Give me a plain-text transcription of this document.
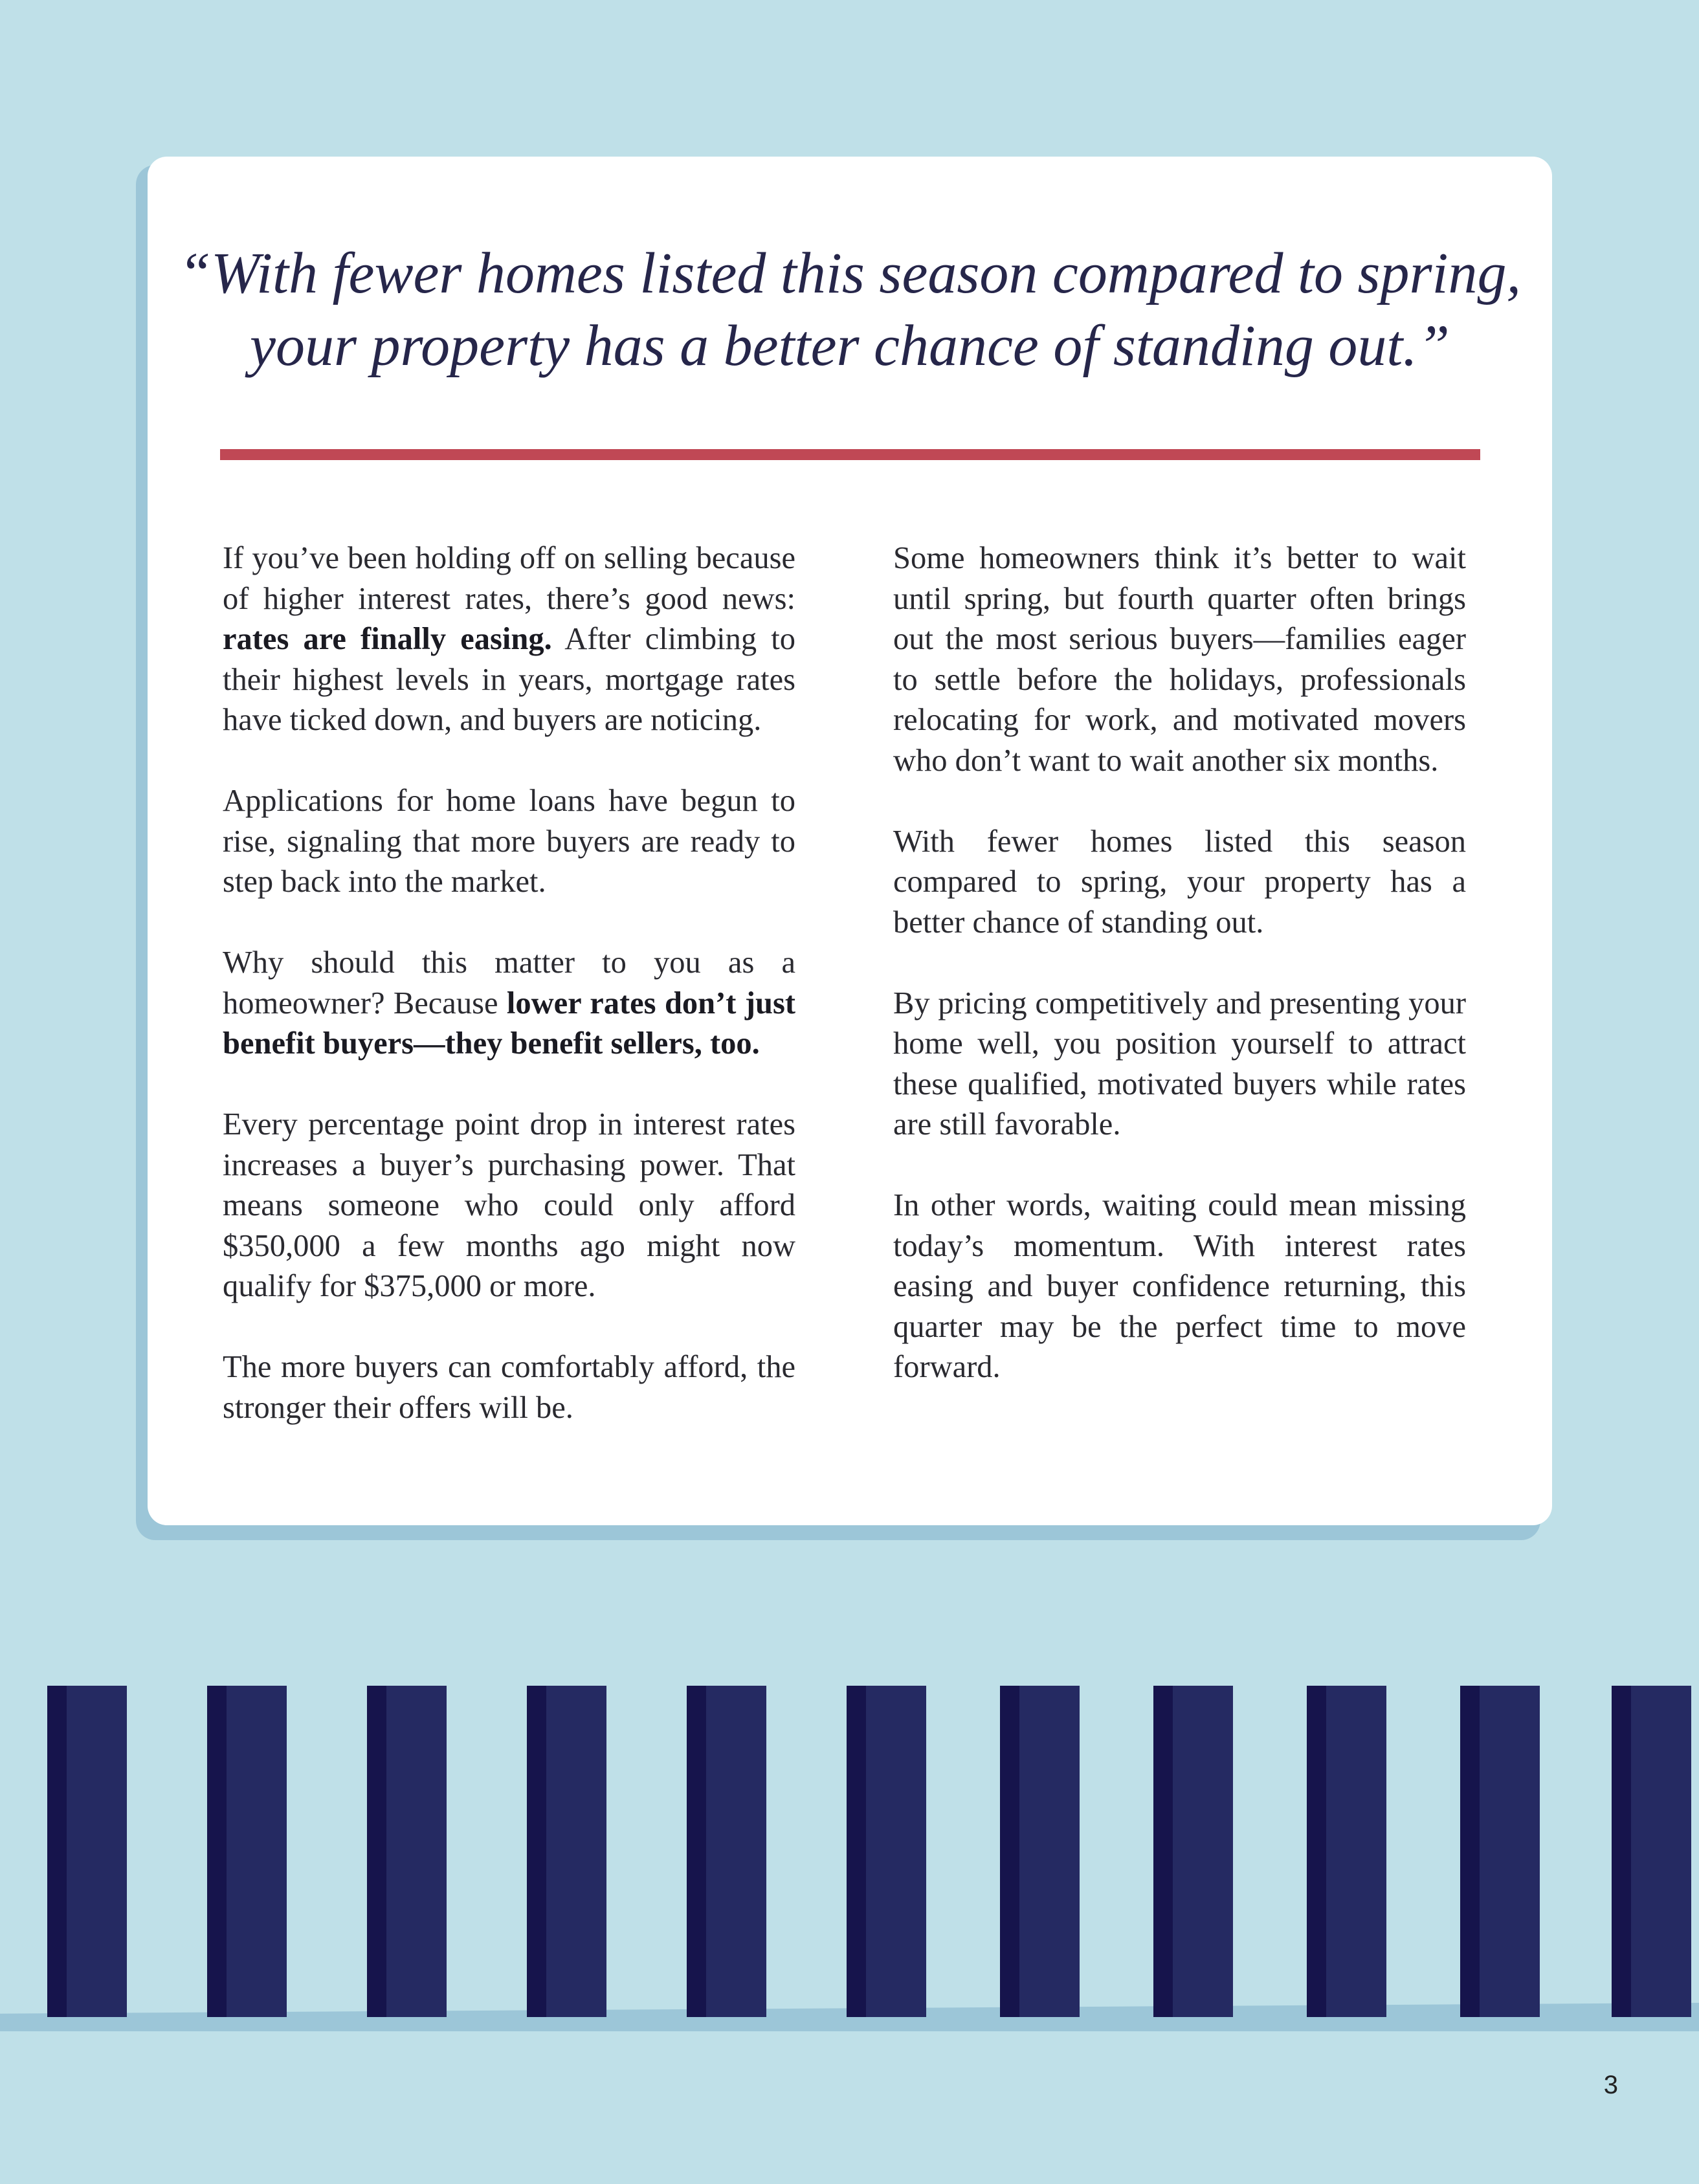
“With fewer homes listed this season compared to spring,
your property has a better chance of standing out.”

If you’ve been holding off on selling because of higher interest rates, there’s good news: rates are finally easing. After climbing to their highest levels in years, mortgage rates have ticked down, and buyers are noticing.

Applications for home loans have begun to rise, signaling that more buyers are ready to step back into the market.

Why should this matter to you as a homeowner? Because lower rates don’t just benefit buyers—they benefit sellers, too.

Every percentage point drop in interest rates increases a buyer’s purchasing power. That means someone who could only afford $350,000 a few months ago might now qualify for $375,000 or more.

The more buyers can comfortably afford, the stronger their offers will be.

Some homeowners think it’s better to wait until spring, but fourth quarter often brings out the most serious buyers—families eager to settle before the holidays, professionals relocating for work, and motivated movers who don’t want to wait another six months.

With fewer homes listed this season compared to spring, your property has a better chance of standing out.

By pricing competitively and presenting your home well, you position yourself to attract these qualified, motivated buyers while rates are still favorable.

In other words, waiting could mean missing today’s momentum. With interest rates easing and buyer confidence returning, this quarter may be the perfect time to move forward.

3
